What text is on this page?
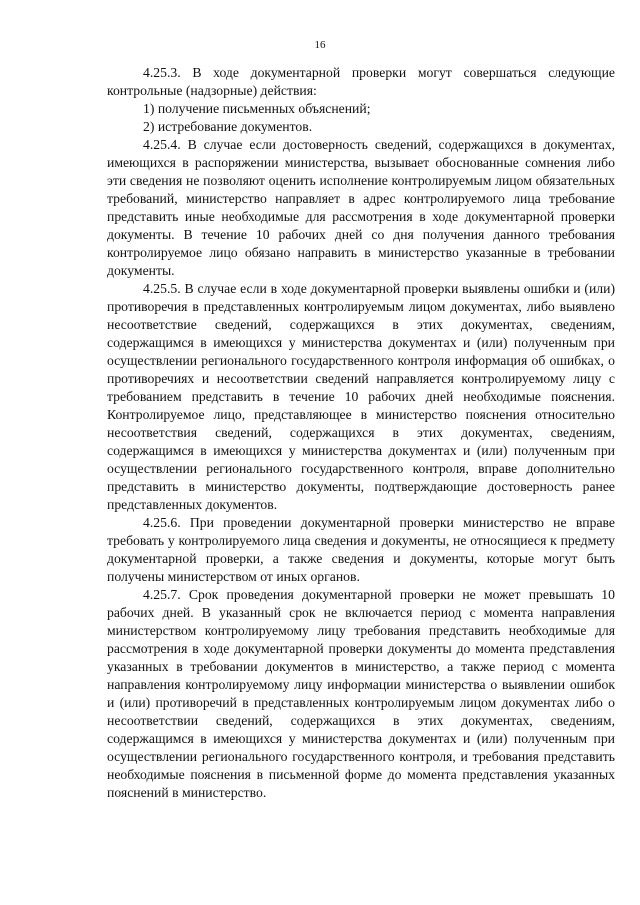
16

4.25.3. В ходе документарной проверки могут совершаться следующие контрольные (надзорные) действия:

1) получение письменных объяснений;

2) истребование документов.

4.25.4. В случае если достоверность сведений, содержащихся в документах, имеющихся в распоряжении министерства, вызывает обоснованные сомнения либо эти сведения не позволяют оценить исполнение контролируемым лицом обязательных требований, министерство направляет в адрес контролируемого лица требование представить иные необходимые для рассмотрения в ходе документарной проверки документы. В течение 10 рабочих дней со дня получения данного требования контролируемое лицо обязано направить в министерство указанные в требовании документы.

4.25.5. В случае если в ходе документарной проверки выявлены ошибки и (или) противоречия в представленных контролируемым лицом документах, либо выявлено несоответствие сведений, содержащихся в этих документах, сведениям, содержащимся в имеющихся у министерства документах и (или) полученным при осуществлении регионального государственного контроля информация об ошибках, о противоречиях и несоответствии сведений направляется контролируемому лицу с требованием представить в течение 10 рабочих дней необходимые пояснения. Контролируемое лицо, представляющее в министерство пояснения относительно несоответствия сведений, содержащихся в этих документах, сведениям, содержащимся в имеющихся у министерства документах и (или) полученным при осуществлении регионального государственного контроля, вправе дополнительно представить в министерство документы, подтверждающие достоверность ранее представленных документов.

4.25.6. При проведении документарной проверки министерство не вправе требовать у контролируемого лица сведения и документы, не относящиеся к предмету документарной проверки, а также сведения и документы, которые могут быть получены министерством от иных органов.

4.25.7. Срок проведения документарной проверки не может превышать 10 рабочих дней. В указанный срок не включается период с момента направления министерством контролируемому лицу требования представить необходимые для рассмотрения в ходе документарной проверки документы до момента представления указанных в требовании документов в министерство, а также период с момента направления контролируемому лицу информации министерства о выявлении ошибок и (или) противоречий в представленных контролируемым лицом документах либо о несоответствии сведений, содержащихся в этих документах, сведениям, содержащимся в имеющихся у министерства документах и (или) полученным при осуществлении регионального государственного контроля, и требования представить необходимые пояснения в письменной форме до момента представления указанных пояснений в министерство.
